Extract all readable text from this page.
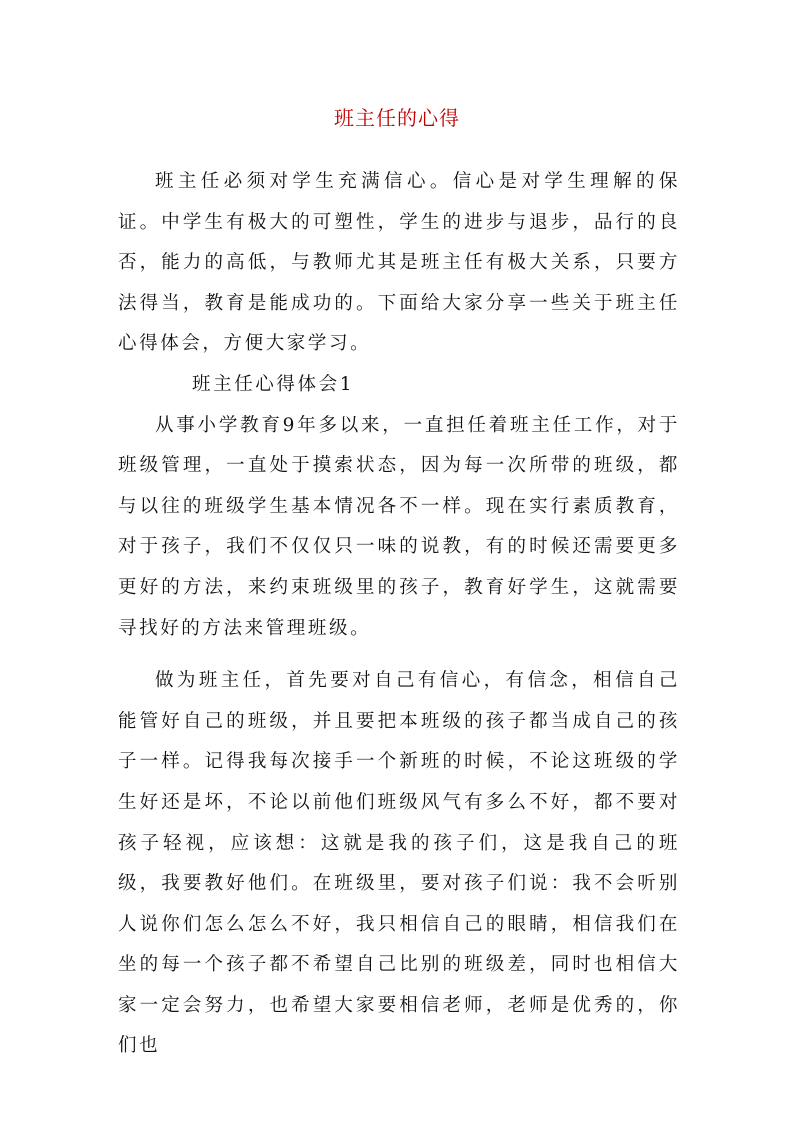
班主任的心得

班主任必须对学生充满信心。信心是对学生理解的保证。中学生有极大的可塑性，学生的进步与退步，品行的良否，能力的高低，与教师尤其是班主任有极大关系，只要方法得当，教育是能成功的。下面给大家分享一些关于班主任心得体会，方便大家学习。

班主任心得体会1

从事小学教育9年多以来，一直担任着班主任工作，对于班级管理，一直处于摸索状态，因为每一次所带的班级，都与以往的班级学生基本情况各不一样。现在实行素质教育，对于孩子，我们不仅仅只一味的说教，有的时候还需要更多更好的方法，来约束班级里的孩子，教育好学生，这就需要寻找好的方法来管理班级。

做为班主任，首先要对自己有信心，有信念，相信自己能管好自己的班级，并且要把本班级的孩子都当成自己的孩子一样。记得我每次接手一个新班的时候，不论这班级的学生好还是坏，不论以前他们班级风气有多么不好，都不要对孩子轻视，应该想：这就是我的孩子们，这是我自己的班级，我要教好他们。在班级里，要对孩子们说：我不会听别人说你们怎么怎么不好，我只相信自己的眼睛，相信我们在坐的每一个孩子都不希望自己比别的班级差，同时也相信大家一定会努力，也希望大家要相信老师，老师是优秀的，你们也
